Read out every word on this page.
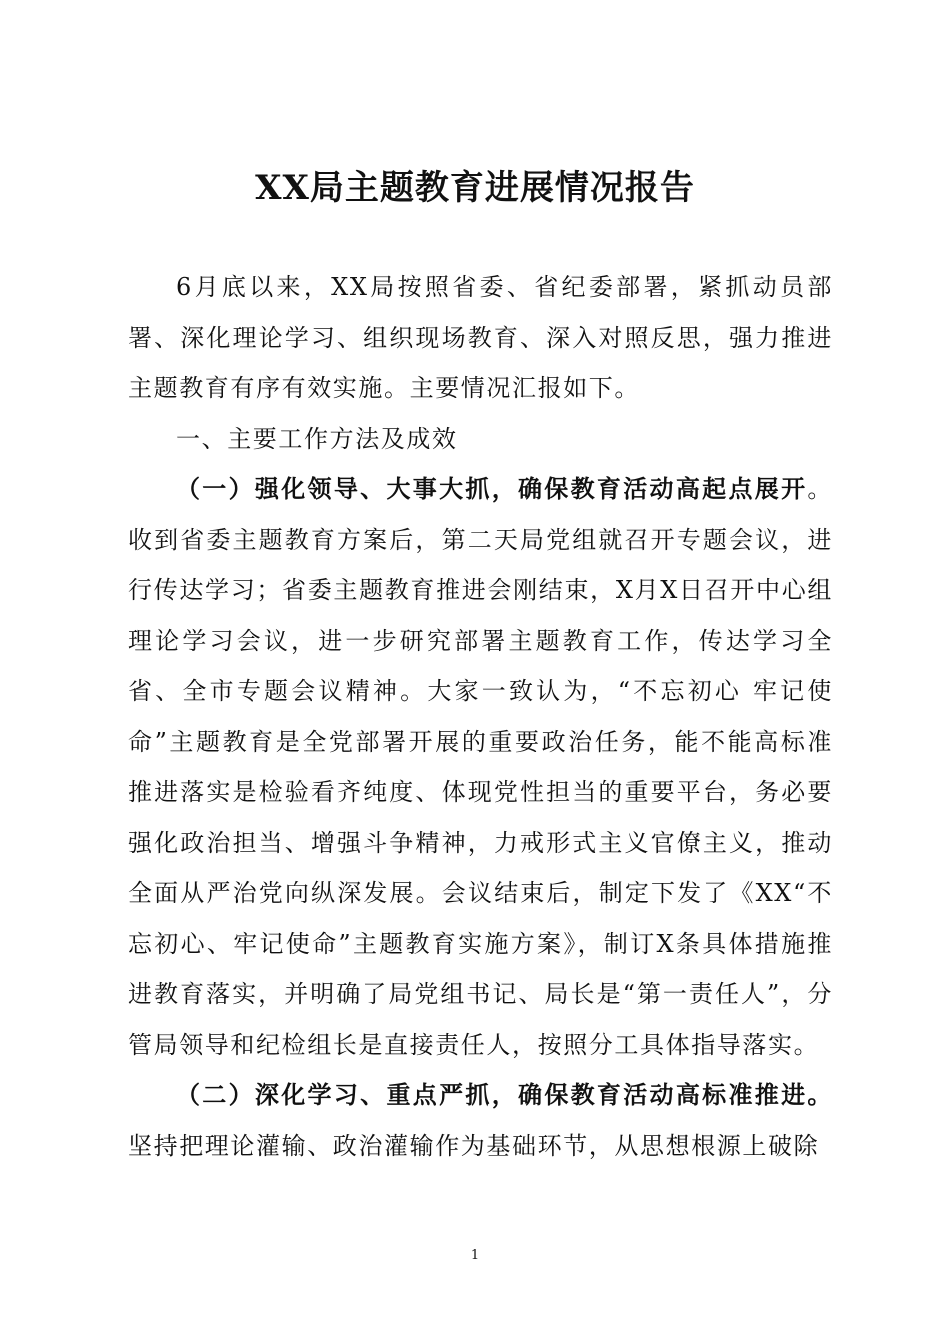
XX局主题教育进展情况报告

6月底以来，XX局按照省委、省纪委部署，紧抓动员部署、深化理论学习、组织现场教育、深入对照反思，强力推进主题教育有序有效实施。主要情况汇报如下。

一、主要工作方法及成效

（一）强化领导、大事大抓，确保教育活动高起点展开。收到省委主题教育方案后，第二天局党组就召开专题会议，进行传达学习；省委主题教育推进会刚结束，X月X日召开中心组理论学习会议，进一步研究部署主题教育工作，传达学习全省、全市专题会议精神。大家一致认为，“不忘初心 牢记使命”主题教育是全党部署开展的重要政治任务，能不能高标准推进落实是检验看齐纯度、体现党性担当的重要平台，务必要强化政治担当、增强斗争精神，力戒形式主义官僚主义，推动全面从严治党向纵深发展。会议结束后，制定下发了《XX“不忘初心、牢记使命”主题教育实施方案》，制订X条具体措施推进教育落实，并明确了局党组书记、局长是“第一责任人”，分管局领导和纪检组长是直接责任人，按照分工具体指导落实。

（二）深化学习、重点严抓，确保教育活动高标准推进。坚持把理论灌输、政治灌输作为基础环节，从思想根源上破除

1
